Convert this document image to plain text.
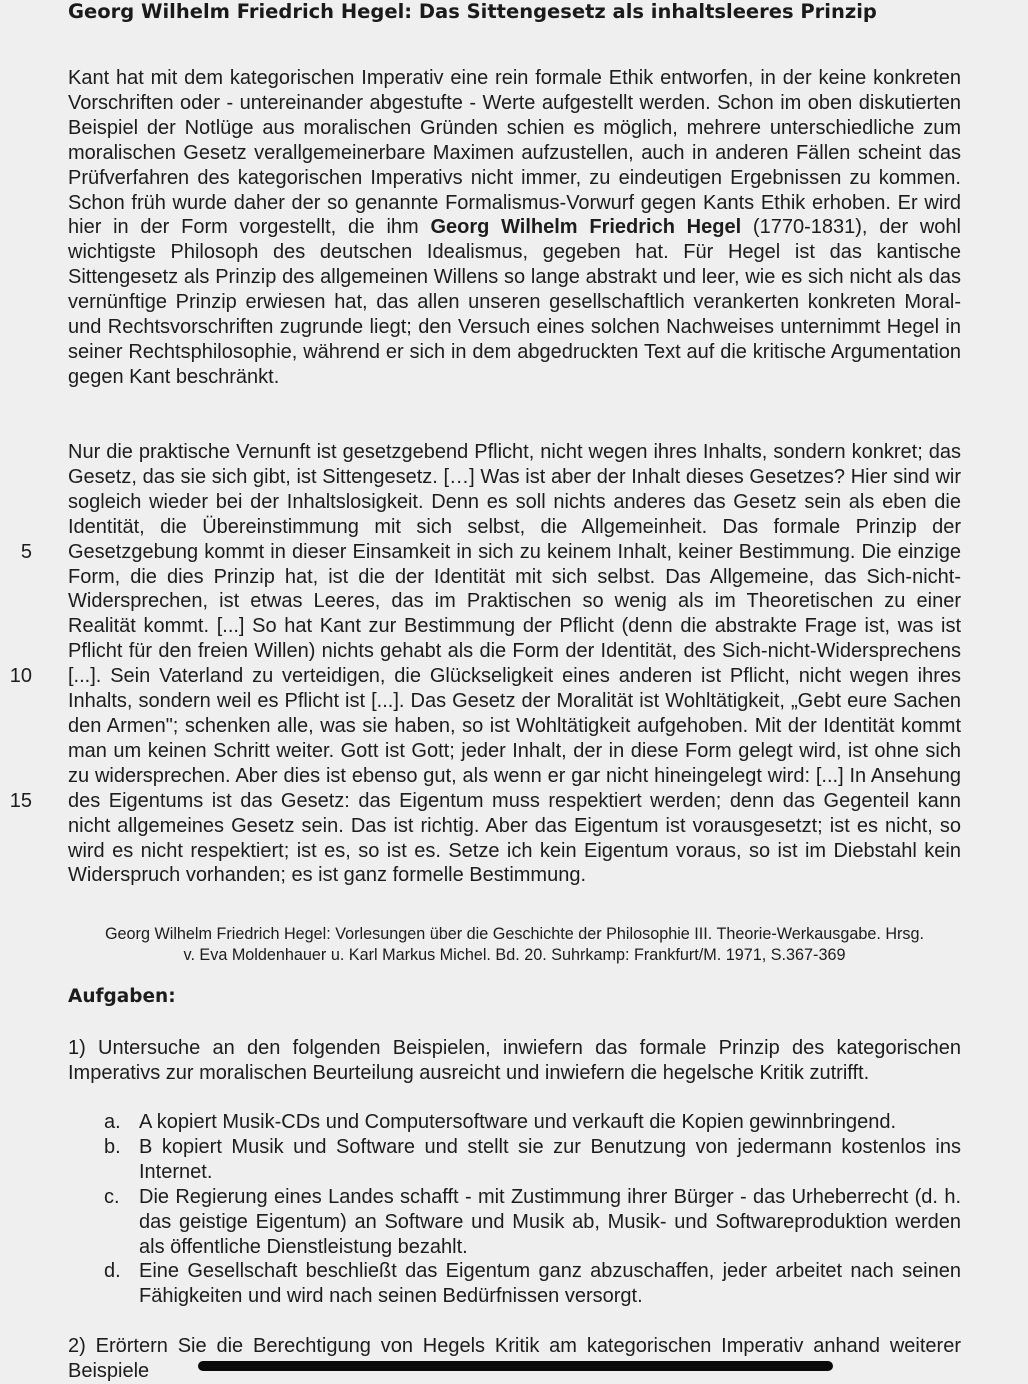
Georg Wilhelm Friedrich Hegel: Das Sittengesetz als inhaltsleeres Prinzip

Kant hat mit dem kategorischen Imperativ eine rein formale Ethik entworfen, in der keine konkreten Vorschriften oder - untereinander abgestufte - Werte aufgestellt werden. Schon im oben diskutierten Beispiel der Notlüge aus moralischen Gründen schien es möglich, mehrere unterschiedliche zum moralischen Gesetz verallgemeinerbare Maximen aufzustellen, auch in anderen Fällen scheint das Prüfverfahren des kategorischen Imperativs nicht immer, zu eindeutigen Ergebnissen zu kommen. Schon früh wurde daher der so genannte Formalismus-Vorwurf gegen Kants Ethik erhoben. Er wird hier in der Form vorgestellt, die ihm Georg Wilhelm Friedrich Hegel (1770-1831), der wohl wichtigste Philosoph des deutschen Idealismus, gegeben hat. Für Hegel ist das kantische Sittengesetz als Prinzip des allgemeinen Willens so lange abstrakt und leer, wie es sich nicht als das vernünftige Prinzip erwiesen hat, das allen unseren gesellschaftlich verankerten konkreten Moral- und Rechtsvorschriften zugrunde liegt; den Versuch eines solchen Nachweises unternimmt Hegel in seiner Rechtsphilosophie, während er sich in dem abgedruckten Text auf die kritische Argumentation gegen Kant beschränkt.

Nur die praktische Vernunft ist gesetzgebend Pflicht, nicht wegen ihres Inhalts, sondern konkret; das Gesetz, das sie sich gibt, ist Sittengesetz. […] Was ist aber der Inhalt dieses Gesetzes? Hier sind wir sogleich wieder bei der Inhaltslosigkeit. Denn es soll nichts anderes das Gesetz sein als eben die Identität, die Übereinstimmung mit sich selbst, die Allgemeinheit. Das formale Prinzip der Gesetzgebung kommt in dieser Einsamkeit in sich zu keinem Inhalt, keiner Bestimmung. Die einzige Form, die dies Prinzip hat, ist die der Identität mit sich selbst. Das Allgemeine, das Sich-nicht-Widersprechen, ist etwas Leeres, das im Praktischen so wenig als im Theoretischen zu einer Realität kommt. [...] So hat Kant zur Bestimmung der Pflicht (denn die abstrakte Frage ist, was ist Pflicht für den freien Willen) nichts gehabt als die Form der Identität, des Sich-nicht-Widersprechens [...]. Sein Vaterland zu verteidigen, die Glückseligkeit eines anderen ist Pflicht, nicht wegen ihres Inhalts, sondern weil es Pflicht ist [...]. Das Gesetz der Moralität ist Wohltätigkeit, „Gebt eure Sachen den Armen"; schenken alle, was sie haben, so ist Wohltätigkeit aufgehoben. Mit der Identität kommt man um keinen Schritt weiter. Gott ist Gott; jeder Inhalt, der in diese Form gelegt wird, ist ohne sich zu widersprechen. Aber dies ist ebenso gut, als wenn er gar nicht hineingelegt wird: [...] In Ansehung des Eigentums ist das Gesetz: das Eigentum muss respektiert werden; denn das Gegenteil kann nicht allgemeines Gesetz sein. Das ist richtig. Aber das Eigentum ist vorausgesetzt; ist es nicht, so wird es nicht respektiert; ist es, so ist es. Setze ich kein Eigentum voraus, so ist im Diebstahl kein Widerspruch vorhanden; es ist ganz formelle Bestimmung.

5
10
15
Georg Wilhelm Friedrich Hegel: Vorlesungen über die Geschichte der Philosophie III. Theorie-Werkausgabe. Hrsg.
v. Eva Moldenhauer u. Karl Markus Michel. Bd. 20. Suhrkamp: Frankfurt/M. 1971, S.367-369
Aufgaben:

1) Untersuche an den folgenden Beispielen, inwiefern das formale Prinzip des kategorischen Imperativs zur moralischen Beurteilung ausreicht und inwiefern die hegelsche Kritik zutrifft.

a. A kopiert Musik-CDs und Computersoftware und verkauft die Kopien gewinnbringend.
b. B kopiert Musik und Software und stellt sie zur Benutzung von jedermann kostenlos ins Internet.
c. Die Regierung eines Landes schafft - mit Zustimmung ihrer Bürger - das Urheberrecht (d. h. das geistige Eigentum) an Software und Musik ab, Musik- und Softwareproduktion werden als öffentliche Dienstleistung bezahlt.
d. Eine Gesellschaft beschließt das Eigentum ganz abzuschaffen, jeder arbeitet nach seinen Fähigkeiten und wird nach seinen Bedürfnissen versorgt.

2) Erörtern Sie die Berechtigung von Hegels Kritik am kategorischen Imperativ anhand weiterer Beispiele
